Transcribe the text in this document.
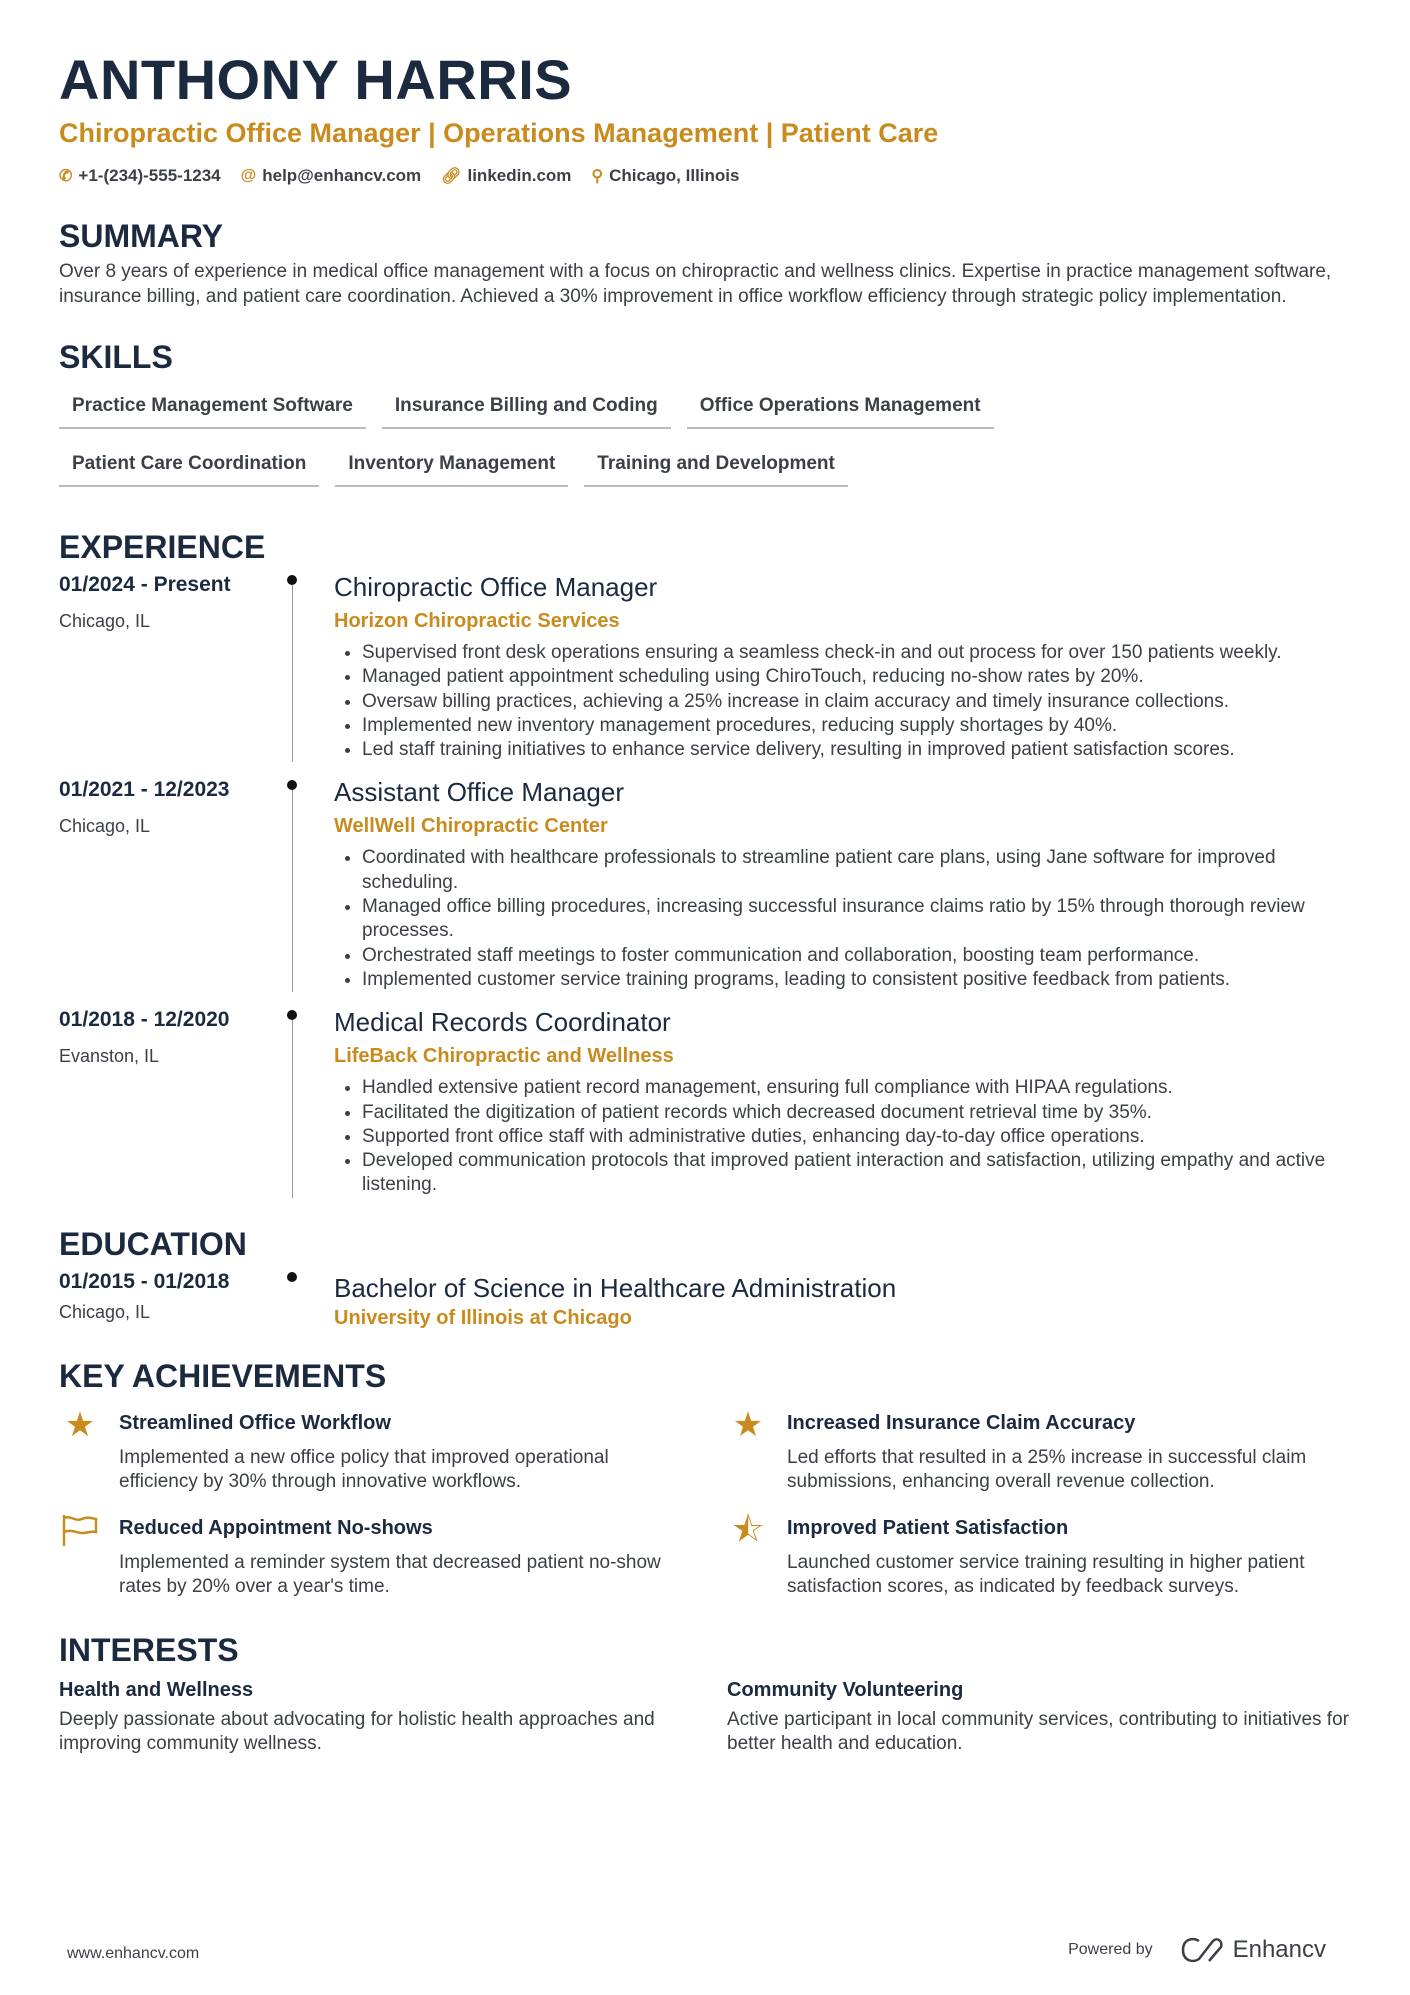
ANTHONY HARRIS
Chiropractic Office Manager | Operations Management | Patient Care
✆ +1-(234)-555-1234 @ help@enhancv.com 🔗︎ linkedin.com ⚲ Chicago, Illinois
SUMMARY

Over 8 years of experience in medical office management with a focus on chiropractic and wellness clinics. Expertise in practice management software, insurance billing, and patient care coordination. Achieved a 30% improvement in office workflow efficiency through strategic policy implementation.

SKILLS
Practice Management Software	Insurance Billing and Coding	Office Operations Management
Patient Care Coordination	Inventory Management	Training and Development
EXPERIENCE
01/2024 - Present
Chicago, IL
Chiropractic Office Manager
Horizon Chiropractic Services
• Supervised front desk operations ensuring a seamless check-in and out process for over 150 patients weekly.
• Managed patient appointment scheduling using ChiroTouch, reducing no-show rates by 20%.
• Oversaw billing practices, achieving a 25% increase in claim accuracy and timely insurance collections.
• Implemented new inventory management procedures, reducing supply shortages by 40%.
• Led staff training initiatives to enhance service delivery, resulting in improved patient satisfaction scores.
01/2021 - 12/2023
Chicago, IL
Assistant Office Manager
WellWell Chiropractic Center
• Coordinated with healthcare professionals to streamline patient care plans, using Jane software for improved scheduling.
• Managed office billing procedures, increasing successful insurance claims ratio by 15% through thorough review processes.
• Orchestrated staff meetings to foster communication and collaboration, boosting team performance.
• Implemented customer service training programs, leading to consistent positive feedback from patients.
01/2018 - 12/2020
Evanston, IL
Medical Records Coordinator
LifeBack Chiropractic and Wellness
• Handled extensive patient record management, ensuring full compliance with HIPAA regulations.
• Facilitated the digitization of patient records which decreased document retrieval time by 35%.
• Supported front office staff with administrative duties, enhancing day-to-day office operations.
• Developed communication protocols that improved patient interaction and satisfaction, utilizing empathy and active listening.
EDUCATION
01/2015 - 01/2018
Chicago, IL
Bachelor of Science in Healthcare Administration
University of Illinois at Chicago
KEY ACHIEVEMENTS
★ Streamlined Office Workflow
Implemented a new office policy that improved operational efficiency by 30% through innovative workflows.
★ Increased Insurance Claim Accuracy
Led efforts that resulted in a 25% increase in successful claim submissions, enhancing overall revenue collection.
Reduced Appointment No-shows
Implemented a reminder system that decreased patient no-show rates by 20% over a year's time.
⯪ Improved Patient Satisfaction
Launched customer service training resulting in higher patient satisfaction scores, as indicated by feedback surveys.
INTERESTS
Health and Wellness
Deeply passionate about advocating for holistic health approaches and improving community wellness.
Community Volunteering
Active participant in local community services, contributing to initiatives for better health and education.
www.enhancv.com	Powered by	Enhancv
